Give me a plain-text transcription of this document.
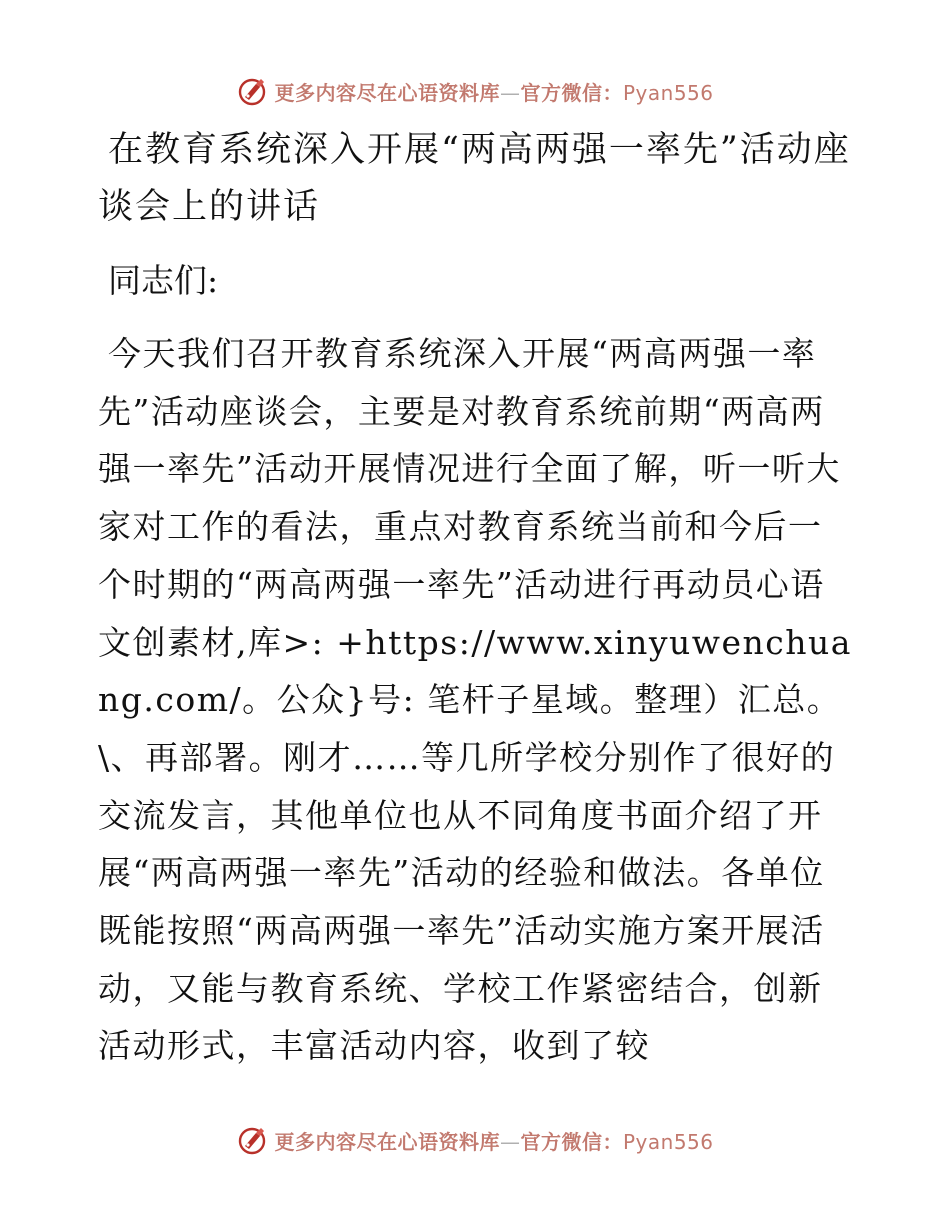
更多内容尽在心语资料库—官方微信：Pyan556
在教育系统深入开展“两高两强一率先”活动座谈会上的讲话

同志们:

今天我们召开教育系统深入开展“两高两强一率先”活动座谈会，主要是对教育系统前期“两高两强一率先”活动开展情况进行全面了解，听一听大家对工作的看法，重点对教育系统当前和今后一个时期的“两高两强一率先”活动进行再动员心语文创素材,库>: +https://www.xinyuwenchuang.com/。公众}号: 笔杆子星域。整理）汇总。\、再部署。刚才……等几所学校分别作了很好的交流发言，其他单位也从不同角度书面介绍了开展“两高两强一率先”活动的经验和做法。各单位既能按照“两高两强一率先”活动实施方案开展活动，又能与教育系统、学校工作紧密结合，创新活动形式，丰富活动内容，收到了较

更多内容尽在心语资料库—官方微信：Pyan556
